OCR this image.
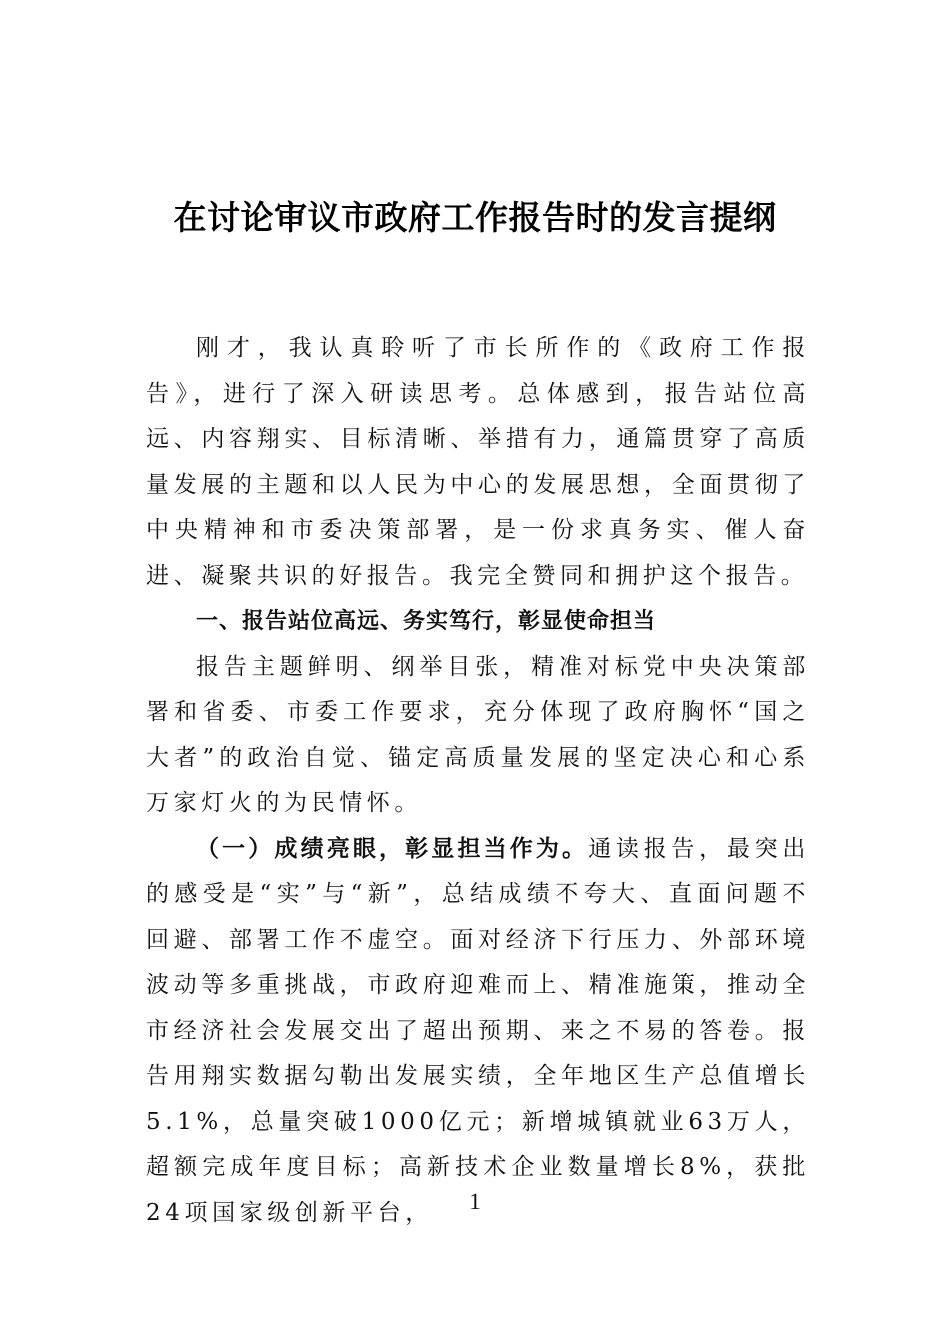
在讨论审议市政府工作报告时的发言提纲

刚才，我认真聆听了市长所作的《政府工作报告》，进行了深入研读思考。总体感到，报告站位高远、内容翔实、目标清晰、举措有力，通篇贯穿了高质量发展的主题和以人民为中心的发展思想，全面贯彻了中央精神和市委决策部署，是一份求真务实、催人奋进、凝聚共识的好报告。我完全赞同和拥护这个报告。

一、报告站位高远、务实笃行，彰显使命担当

报告主题鲜明、纲举目张，精准对标党中央决策部署和省委、市委工作要求，充分体现了政府胸怀“国之大者”的政治自觉、锚定高质量发展的坚定决心和心系万家灯火的为民情怀。

（一）成绩亮眼，彰显担当作为。通读报告，最突出的感受是“实”与“新”，总结成绩不夸大、直面问题不回避、部署工作不虚空。面对经济下行压力、外部环境波动等多重挑战，市政府迎难而上、精准施策，推动全市经济社会发展交出了超出预期、来之不易的答卷。报告用翔实数据勾勒出发展实绩，全年地区生产总值增长5.1%，总量突破1000亿元；新增城镇就业63万人，超额完成年度目标；高新技术企业数量增长8%，获批24项国家级创新平台，	1
